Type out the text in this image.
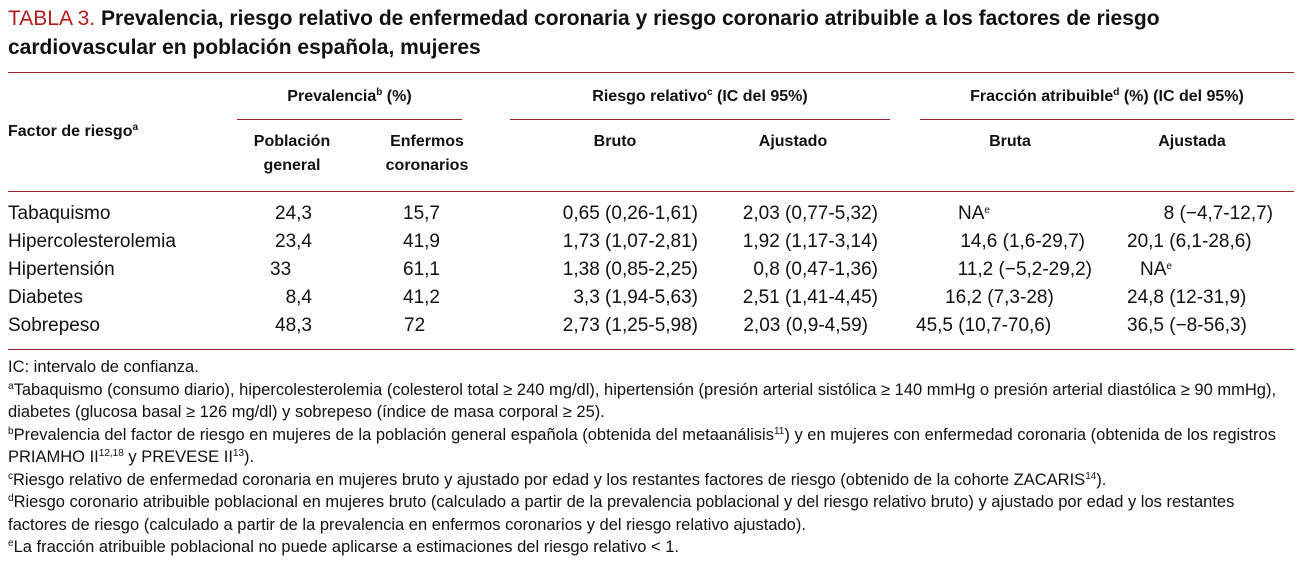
TABLA 3. Prevalencia, riesgo relativo de enfermedad coronaria y riesgo coronario atribuible a los factores de riesgo cardiovascular en población española, mujeres
Factor de riesgo$^a$
Prevalencia$^b$ (%)	Riesgo relativo$^c$ (IC del 95%)	Fracción atribuible$^d$ (%) (IC del 95%)
Población
general
Enfermos
coronarios
Bruto	Ajustado	Bruta	Ajustada
Tabaquismo	24,3	15,7	0,65 (0,26-1,61)	2,03 (0,77-5,32)	$NA^e$	8 (−4,7-12,7)
Hipercolesterolemia	23,4	41,9	1,73 (1,07-2,81)	1,92 (1,17-3,14)	14,6 (1,6-29,7) 20,1 (6,1-28,6)
Hipertensión	33	61,1	1,38 (0,85-2,25)	0,8 (0,47-1,36)	11,2 (−5,2-29,2)	$NA^e$
Diabetes	8,4	41,2	3,3 (1,94-5,63)	2,51 (1,41-4,45)	16,2 (7,3-28)	24,8 (12-31,9)
Sobrepeso	48,3	72	2,73 (1,25-5,98)	2,03 (0,9-4,59)	45,5 (10,7-70,6)	36,5 (−8-56,3)

IC: intervalo de confianza.

$^a$Tabaquismo (consumo diario), hipercolesterolemia (colesterol total ≥ 240 mg/dl), hipertensión (presión arterial sistólica ≥ 140 mmHg o presión arterial diastólica ≥ 90 mmHg), diabetes (glucosa basal ≥ 126 mg/dl) y sobrepeso (índice de masa corporal ≥ 25).

$^b$Prevalencia del factor de riesgo en mujeres de la población general española (obtenida del metaanálisis$^{11}$) y en mujeres con enfermedad coronaria (obtenida de los registros PRIAMHO II$^{12,18}$ y PREVESE II$^{13}$).

$^c$Riesgo relativo de enfermedad coronaria en mujeres bruto y ajustado por edad y los restantes factores de riesgo (obtenido de la cohorte ZACARIS$^{14}$).

$^d$Riesgo coronario atribuible poblacional en mujeres bruto (calculado a partir de la prevalencia poblacional y del riesgo relativo bruto) y ajustado por edad y los restantes factores de riesgo (calculado a partir de la prevalencia en enfermos coronarios y del riesgo relativo ajustado).

$^e$La fracción atribuible poblacional no puede aplicarse a estimaciones del riesgo relativo < 1.
